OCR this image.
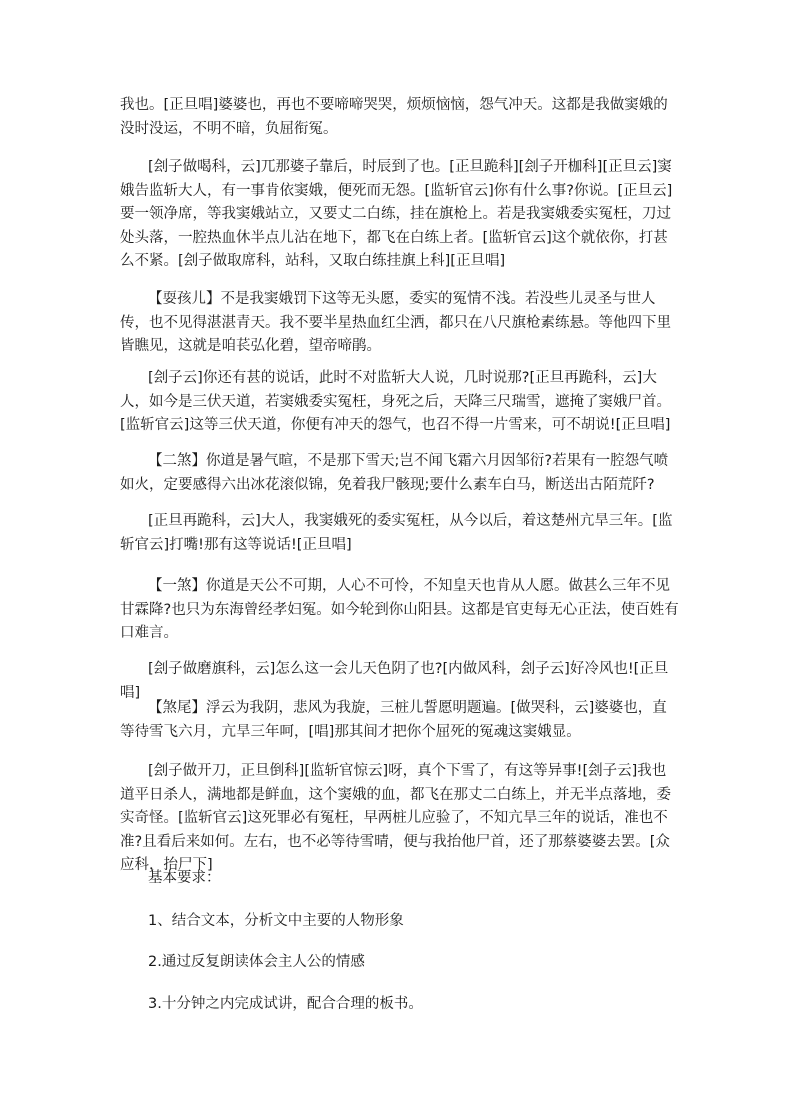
我也。[正旦唱]婆婆也，再也不要啼啼哭哭，烦烦恼恼，怨气冲天。这都是我做窦娥的没时没运，不明不暗，负屈衔冤。

[刽子做喝科，云]兀那婆子靠后，时辰到了也。[正旦跪科][刽子开枷科][正旦云]窦娥告监斩大人，有一事肯依窦娥，便死而无怨。[监斩官云]你有什么事?你说。[正旦云]要一领净席，等我窦娥站立，又要丈二白练，挂在旗枪上。若是我窦娥委实冤枉，刀过处头落，一腔热血休半点儿沾在地下，都飞在白练上者。[监斩官云]这个就依你，打甚么不紧。[刽子做取席科，站科，又取白练挂旗上科][正旦唱]

【耍孩儿】不是我窦娥罚下这等无头愿，委实的冤情不浅。若没些儿灵圣与世人传，也不见得湛湛青天。我不要半星热血红尘洒，都只在八尺旗枪素练悬。等他四下里皆瞧见，这就是咱苌弘化碧，望帝啼鹃。

[刽子云]你还有甚的说话，此时不对监斩大人说，几时说那?[正旦再跪科，云]大人，如今是三伏天道，若窦娥委实冤枉，身死之后，天降三尺瑞雪，遮掩了窦娥尸首。[监斩官云]这等三伏天道，你便有冲天的怨气，也召不得一片雪来，可不胡说![正旦唱]

【二煞】你道是暑气暄，不是那下雪天;岂不闻飞霜六月因邹衍?若果有一腔怨气喷如火，定要感得六出冰花滚似锦，免着我尸骸现;要什么素车白马，断送出古陌荒阡?

[正旦再跪科，云]大人，我窦娥死的委实冤枉，从今以后，着这楚州亢旱三年。[监斩官云]打嘴!那有这等说话![正旦唱]

【一煞】你道是天公不可期，人心不可怜，不知皇天也肯从人愿。做甚么三年不见甘霖降?也只为东海曾经孝妇冤。如今轮到你山阳县。这都是官吏每无心正法，使百姓有口难言。

[刽子做磨旗科，云]怎么这一会儿天色阴了也?[内做风科，刽子云]好冷风也![正旦唱]

【煞尾】浮云为我阴，悲风为我旋，三桩儿誓愿明题遍。[做哭科，云]婆婆也，直等待雪飞六月，亢旱三年呵，[唱]那其间才把你个屈死的冤魂这窦娥显。

[刽子做开刀，正旦倒科][监斩官惊云]呀，真个下雪了，有这等异事![刽子云]我也道平日杀人，满地都是鲜血，这个窦娥的血，都飞在那丈二白练上，并无半点落地，委实奇怪。[监斩官云]这死罪必有冤枉，早两桩儿应验了，不知亢旱三年的说话，准也不准?且看后来如何。左右，也不必等待雪晴，便与我抬他尸首，还了那蔡婆婆去罢。[众应科，抬尸下]

基本要求：

1、结合文本，分析文中主要的人物形象

2.通过反复朗读体会主人公的情感

3.十分钟之内完成试讲，配合合理的板书。
